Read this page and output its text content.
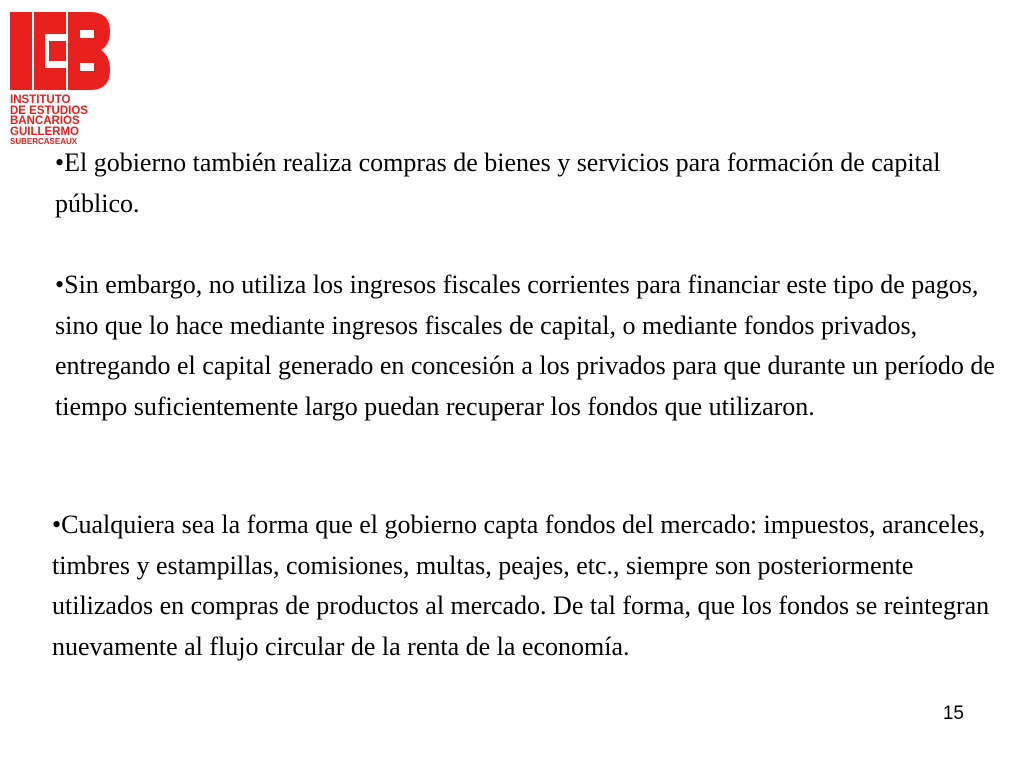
INSTITUTO
DE ESTUDIOS
BANCARIOS
GUILLERMO
SUBERCASEAUX

•El gobierno también realiza compras de bienes y servicios para formación de capital público.

•Sin embargo, no utiliza los ingresos fiscales corrientes para financiar este tipo de pagos, sino que lo hace mediante ingresos fiscales de capital, o mediante fondos privados, entregando el capital generado en concesión a los privados para que durante un período de tiempo suficientemente largo puedan recuperar los fondos que utilizaron.

•Cualquiera sea la forma que el gobierno capta fondos del mercado: impuestos, aranceles, timbres y estampillas, comisiones, multas, peajes, etc., siempre son posteriormente utilizados en compras de productos al mercado. De tal forma, que los fondos se reintegran nuevamente al flujo circular de la renta de la economía.

15
